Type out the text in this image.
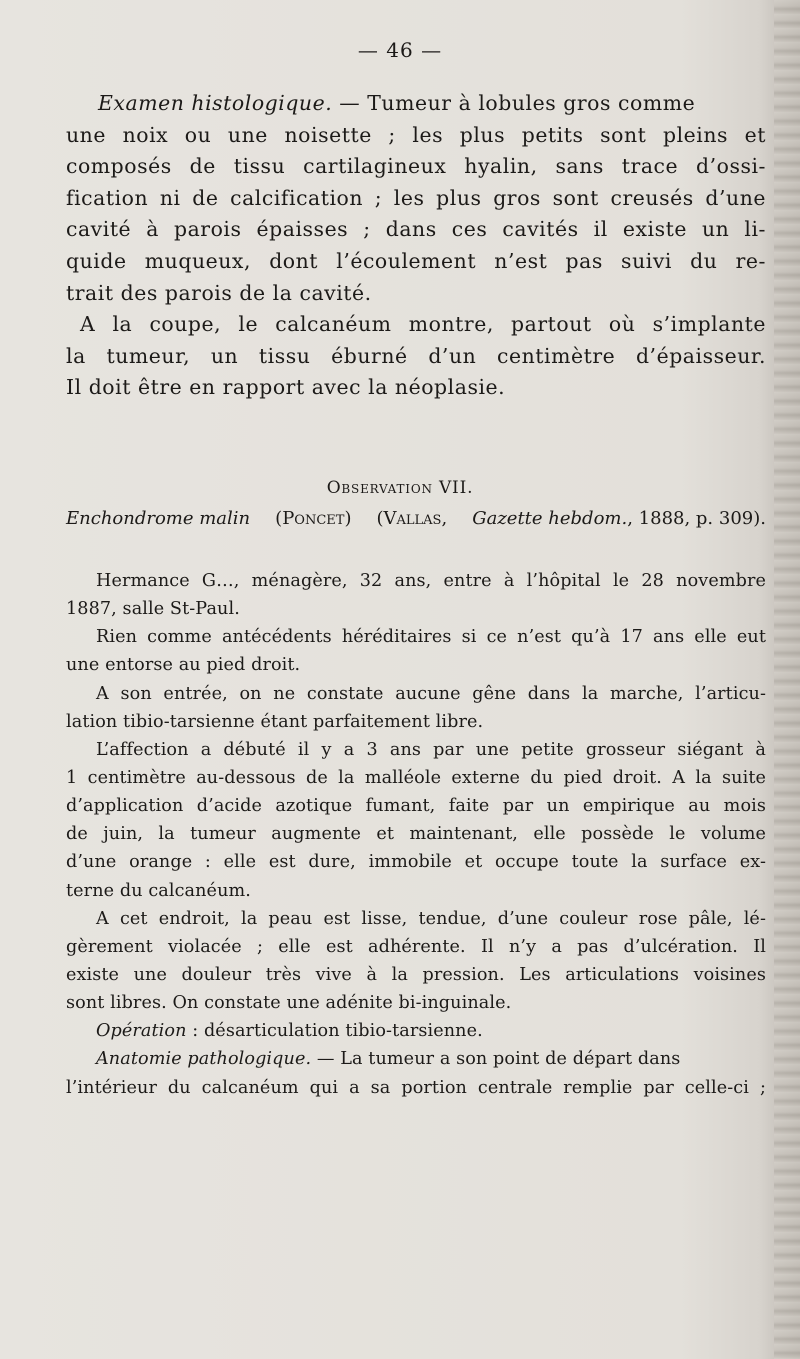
— 46 —
Examen histologique. — Tumeur à lobules gros comme
une noix ou une noisette ; les plus petits sont pleins et
composés de tissu cartilagineux hyalin, sans trace d’ossi-
fication ni de calcification ; les plus gros sont creusés d’une
cavité à parois épaisses ; dans ces cavités il existe un li-
quide muqueux, dont l’écoulement n’est pas suivi du re-
trait des parois de la cavité.
A la coupe, le calcanéum montre, partout où s’implante
la tumeur, un tissu éburné d’un centimètre d’épaisseur.
Il doit être en rapport avec la néoplasie.
Observation VII.
Enchondrome malin (Poncet) (Vallas, Gazette hebdom., 1888, p. 309).
Hermance G…, ménagère, 32 ans, entre à l’hôpital le 28 novembre
1887, salle St-Paul.
Rien comme antécédents héréditaires si ce n’est qu’à 17 ans elle eut
une entorse au pied droit.
A son entrée, on ne constate aucune gêne dans la marche, l’articu-
lation tibio-tarsienne étant parfaitement libre.
L’affection a débuté il y a 3 ans par une petite grosseur siégant à
1 centimètre au-dessous de la malléole externe du pied droit. A la suite
d’application d’acide azotique fumant, faite par un empirique au mois
de juin, la tumeur augmente et maintenant, elle possède le volume
d’une orange : elle est dure, immobile et occupe toute la surface ex-
terne du calcanéum.
A cet endroit, la peau est lisse, tendue, d’une couleur rose pâle, lé-
gèrement violacée ; elle est adhérente. Il n’y a pas d’ulcération. Il
existe une douleur très vive à la pression. Les articulations voisines
sont libres. On constate une adénite bi-inguinale.
Opération : désarticulation tibio-tarsienne.
Anatomie pathologique. — La tumeur a son point de départ dans
l’intérieur du calcanéum qui a sa portion centrale remplie par celle-ci ;
